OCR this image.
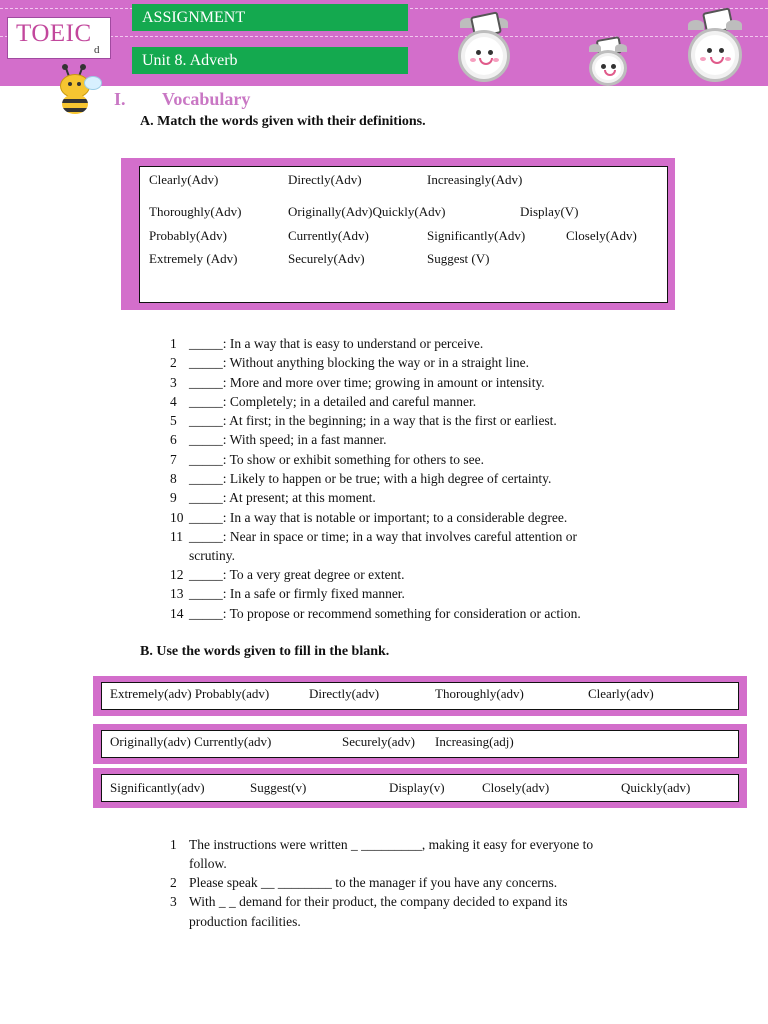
TOEIC
d
ASSIGNMENT
Unit 8. Adverb
I. Vocabulary
A. Match the words given with their definitions.
Clearly(Adv)	Directly(Adv)	Increasingly(Adv)
Thoroughly(Adv)	Originally(Adv)Quickly(Adv)	Display(V)
Probably(Adv)	Currently(Adv)	Significantly(Adv)	Closely(Adv)
Extremely (Adv)	Securely(Adv)	Suggest (V)
1 _____: In a way that is easy to understand or perceive.
2 _____: Without anything blocking the way or in a straight line.
3 _____: More and more over time; growing in amount or intensity.
4 _____: Completely; in a detailed and careful manner.
5 _____: At first; in the beginning; in a way that is the first or earliest.
6 _____: With speed; in a fast manner.
7 _____: To show or exhibit something for others to see.
8 _____: Likely to happen or be true; with a high degree of certainty.
9 _____: At present; at this moment.
10 _____: In a way that is notable or important; to a considerable degree.
11 _____: Near in space or time; in a way that involves careful attention or
scrutiny.
12 _____: To a very great degree or extent.
13 _____: In a safe or firmly fixed manner.
14 _____: To propose or recommend something for consideration or action.
B. Use the words given to fill in the blank.
Extremely(adv) Probably(adv)	Directly(adv)	Thoroughly(adv)	Clearly(adv)
Originally(adv) Currently(adv)	Securely(adv) Increasing(adj)
Significantly(adv)	Suggest(v)	Display(v)	Closely(adv)	Quickly(adv)
1 The instructions were written _ _________, making it easy for everyone to
follow.
2 Please speak __ ________ to the manager if you have any concerns.
3 With _ _ demand for their product, the company decided to expand its
production facilities.
